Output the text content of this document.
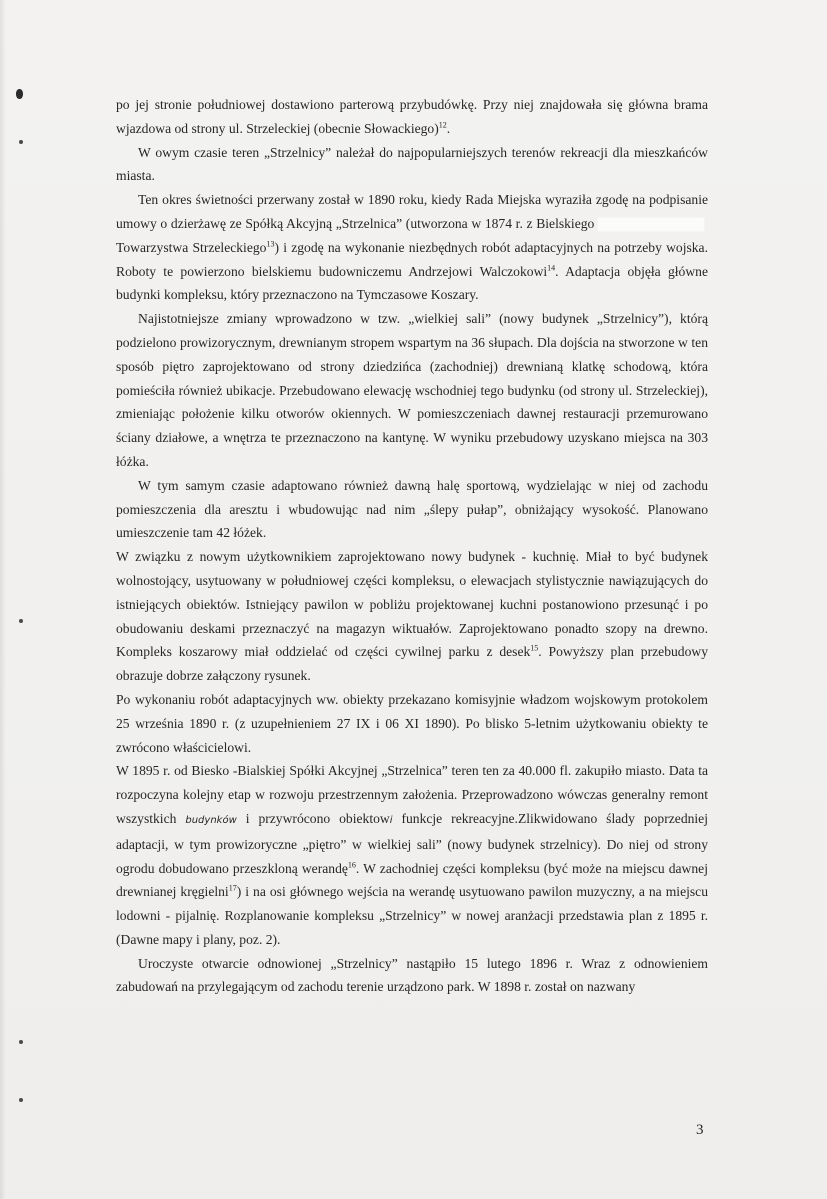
po jej stronie południowej dostawiono parterową przybudówkę. Przy niej znajdowała się główna brama wjazdowa od strony ul. Strzeleckiej (obecnie Słowackiego)$^{12}$.

W owym czasie teren „Strzelnicy” należał do najpopularniejszych terenów rekreacji dla mieszkańców miasta.

Ten okres świetności przerwany został w 1890 roku, kiedy Rada Miejska wyraziła zgodę na podpisanie umowy o dzierżawę ze Spółką Akcyjną „Strzelnica” (utworzona w 1874 r. z Bielskiego Towarzystwa Strzeleckiego$^{13}$) i zgodę na wykonanie niezbędnych robót adaptacyjnych na potrzeby wojska. Roboty te powierzono bielskiemu budowniczemu Andrzejowi Walczokowi$^{14}$. Adaptacja objęła główne budynki kompleksu, który przeznaczono na Tymczasowe Koszary.

Najistotniejsze zmiany wprowadzono w tzw. „wielkiej sali” (nowy budynek „Strzelnicy”), którą podzielono prowizorycznym, drewnianym stropem wspartym na 36 słupach. Dla dojścia na stworzone w ten sposób piętro zaprojektowano od strony dziedzińca (zachodniej) drewnianą klatkę schodową, która pomieściła również ubikacje. Przebudowano elewację wschodniej tego budynku (od strony ul. Strzeleckiej), zmieniając położenie kilku otworów okiennych. W pomieszczeniach dawnej restauracji przemurowano ściany działowe, a wnętrza te przeznaczono na kantynę. W wyniku przebudowy uzyskano miejsca na 303 łóżka.

W tym samym czasie adaptowano również dawną halę sportową, wydzielając w niej od zachodu pomieszczenia dla aresztu i wbudowując nad nim „ślepy pułap”, obniżający wysokość. Planowano umieszczenie tam 42 łóżek.

W związku z nowym użytkownikiem zaprojektowano nowy budynek - kuchnię. Miał to być budynek wolnostojący, usytuowany w południowej części kompleksu, o elewacjach stylistycznie nawiązujących do istniejących obiektów. Istniejący pawilon w pobliżu projektowanej kuchni postanowiono przesunąć i po obudowaniu deskami przeznaczyć na magazyn wiktuałów. Zaprojektowano ponadto szopy na drewno. Kompleks koszarowy miał oddzielać od części cywilnej parku z desek$^{15}$. Powyższy plan przebudowy obrazuje dobrze załączony rysunek.

Po wykonaniu robót adaptacyjnych ww. obiekty przekazano komisyjnie władzom wojskowym protokolem 25 września 1890 r. (z uzupełnieniem 27 IX i 06 XI 1890). Po blisko 5-letnim użytkowaniu obiekty te zwrócono właścicielowi.

W 1895 r. od Biesko -Bialskiej Spółki Akcyjnej „Strzelnica” teren ten za 40.000 fl. zakupiło miasto. Data ta rozpoczyna kolejny etap w rozwoju przestrzennym założenia. Przeprowadzono wówczas generalny remont wszystkich budynków i przywrócono obiektowi funkcje rekreacyjne.Zlikwidowano ślady poprzedniej adaptacji, w tym prowizoryczne „piętro” w wielkiej sali” (nowy budynek strzelnicy). Do niej od strony ogrodu dobudowano przeszkloną werandę$^{16}$. W zachodniej części kompleksu (być może na miejscu dawnej drewnianej kręgielni$^{17}$) i na osi głównego wejścia na werandę usytuowano pawilon muzyczny, a na miejscu lodowni - pijalnię. Rozplanowanie kompleksu „Strzelnicy” w nowej aranżacji przedstawia plan z 1895 r. (Dawne mapy i plany, poz. 2).

Uroczyste otwarcie odnowionej „Strzelnicy” nastąpiło 15 lutego 1896 r. Wraz z odnowieniem zabudowań na przylegającym od zachodu terenie urządzono park. W 1898 r. został on nazwany

3
